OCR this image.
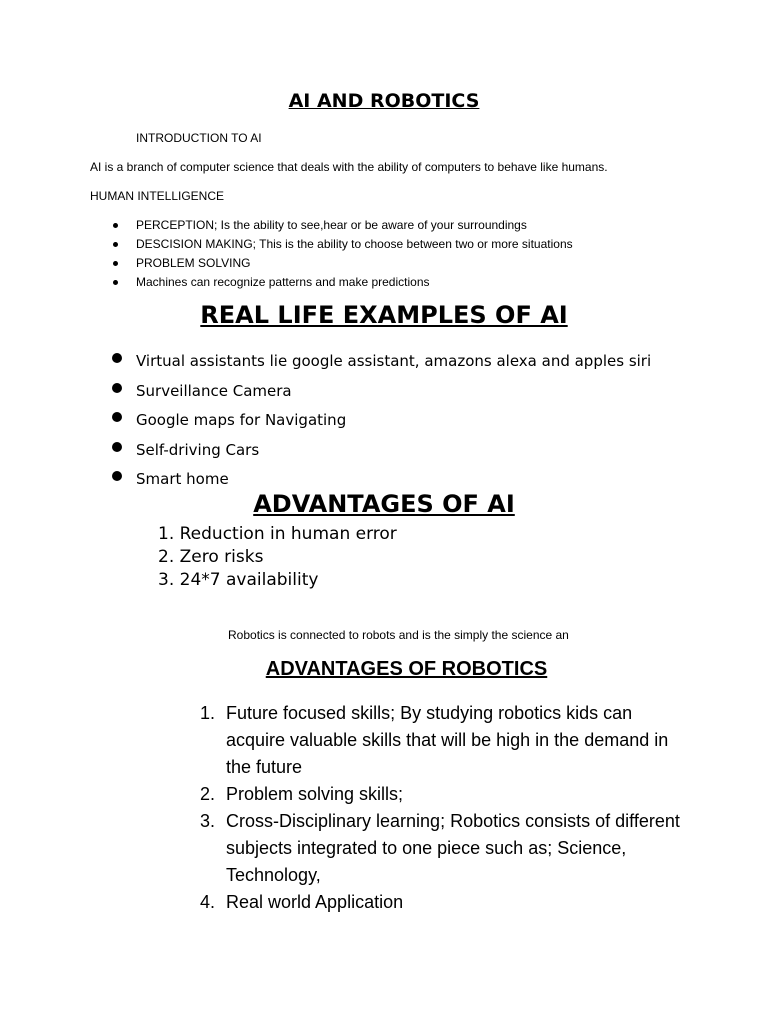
AI AND ROBOTICS

INTRODUCTION TO AI

AI is a branch of computer science that deals with the ability of computers to behave like humans.

HUMAN INTELLIGENCE

PERCEPTION; Is the ability to see,hear or be aware of your surroundings
DESCISION MAKING; This is the ability to choose between two or more situations
PROBLEM SOLVING
Machines can recognize patterns and make predictions
REAL LIFE EXAMPLES OF AI
Virtual assistants lie google assistant, amazons alexa and apples siri
Surveillance Camera
Google maps for Navigating
Self-driving Cars
Smart home
ADVANTAGES OF AI
1. Reduction in human error
2. Zero risks
3. 24*7 availability

Robotics is connected to robots and is the simply the science an

ADVANTAGES OF ROBOTICS
1. Future focused skills; By studying robotics kids can acquire valuable skills that will be high in the demand in the future
2. Problem solving skills;
3. Cross-Disciplinary learning; Robotics consists of different subjects integrated to one piece such as; Science, Technology,
4. Real world Application
